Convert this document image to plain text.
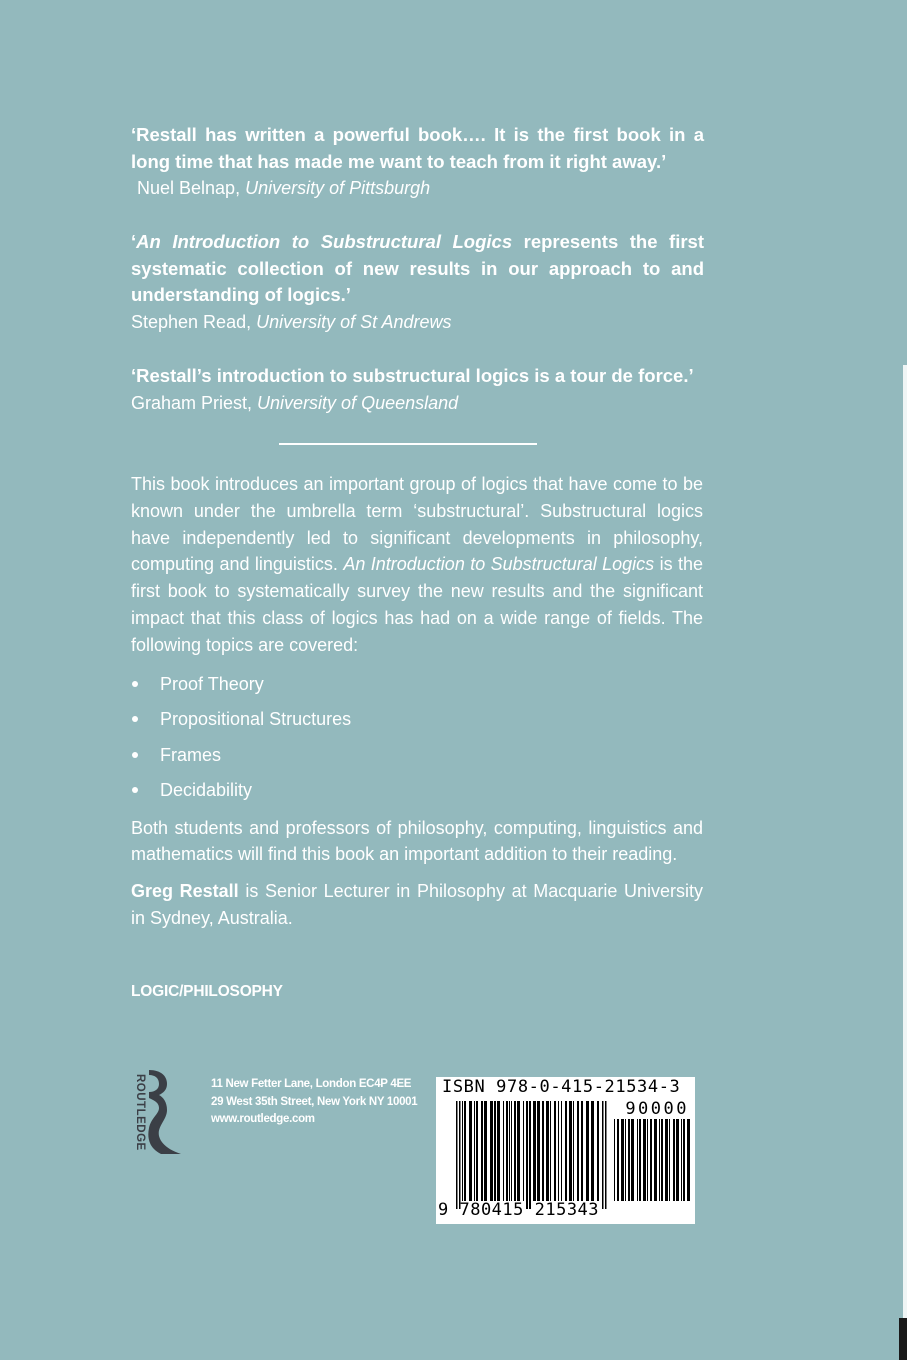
‘Restall has written a powerful book…. It is the first book in a long time that has made me want to teach from it right away.’
Nuel Belnap, University of Pittsburgh
‘An Introduction to Substructural Logics represents the first systematic collection of new results in our approach to and understanding of logics.’
Stephen Read, University of St Andrews
‘Restall’s introduction to substructural logics is a tour de force.’
Graham Priest, University of Queensland

This book introduces an important group of logics that have come to be known under the umbrella term ‘substructural’. Substructural logics have independently led to significant developments in philosophy, computing and linguistics. An Introduction to Substructural Logics is the first book to systematically survey the new results and the significant impact that this class of logics has had on a wide range of fields. The following topics are covered:

Proof Theory
Propositional Structures
Frames
Decidability

Both students and professors of philosophy, computing, linguistics and mathematics will find this book an important addition to their reading.

Greg Restall is Senior Lecturer in Philosophy at Macquarie University in Sydney, Australia.

LOGIC/PHILOSOPHY
ROUTLEDGE	11 New Fetter Lane, London EC4P 4EE
29 West 35th Street, New York NY 10001
www.routledge.com
ISBN 978-0-415-21534-3
90000
9 780415 215343
